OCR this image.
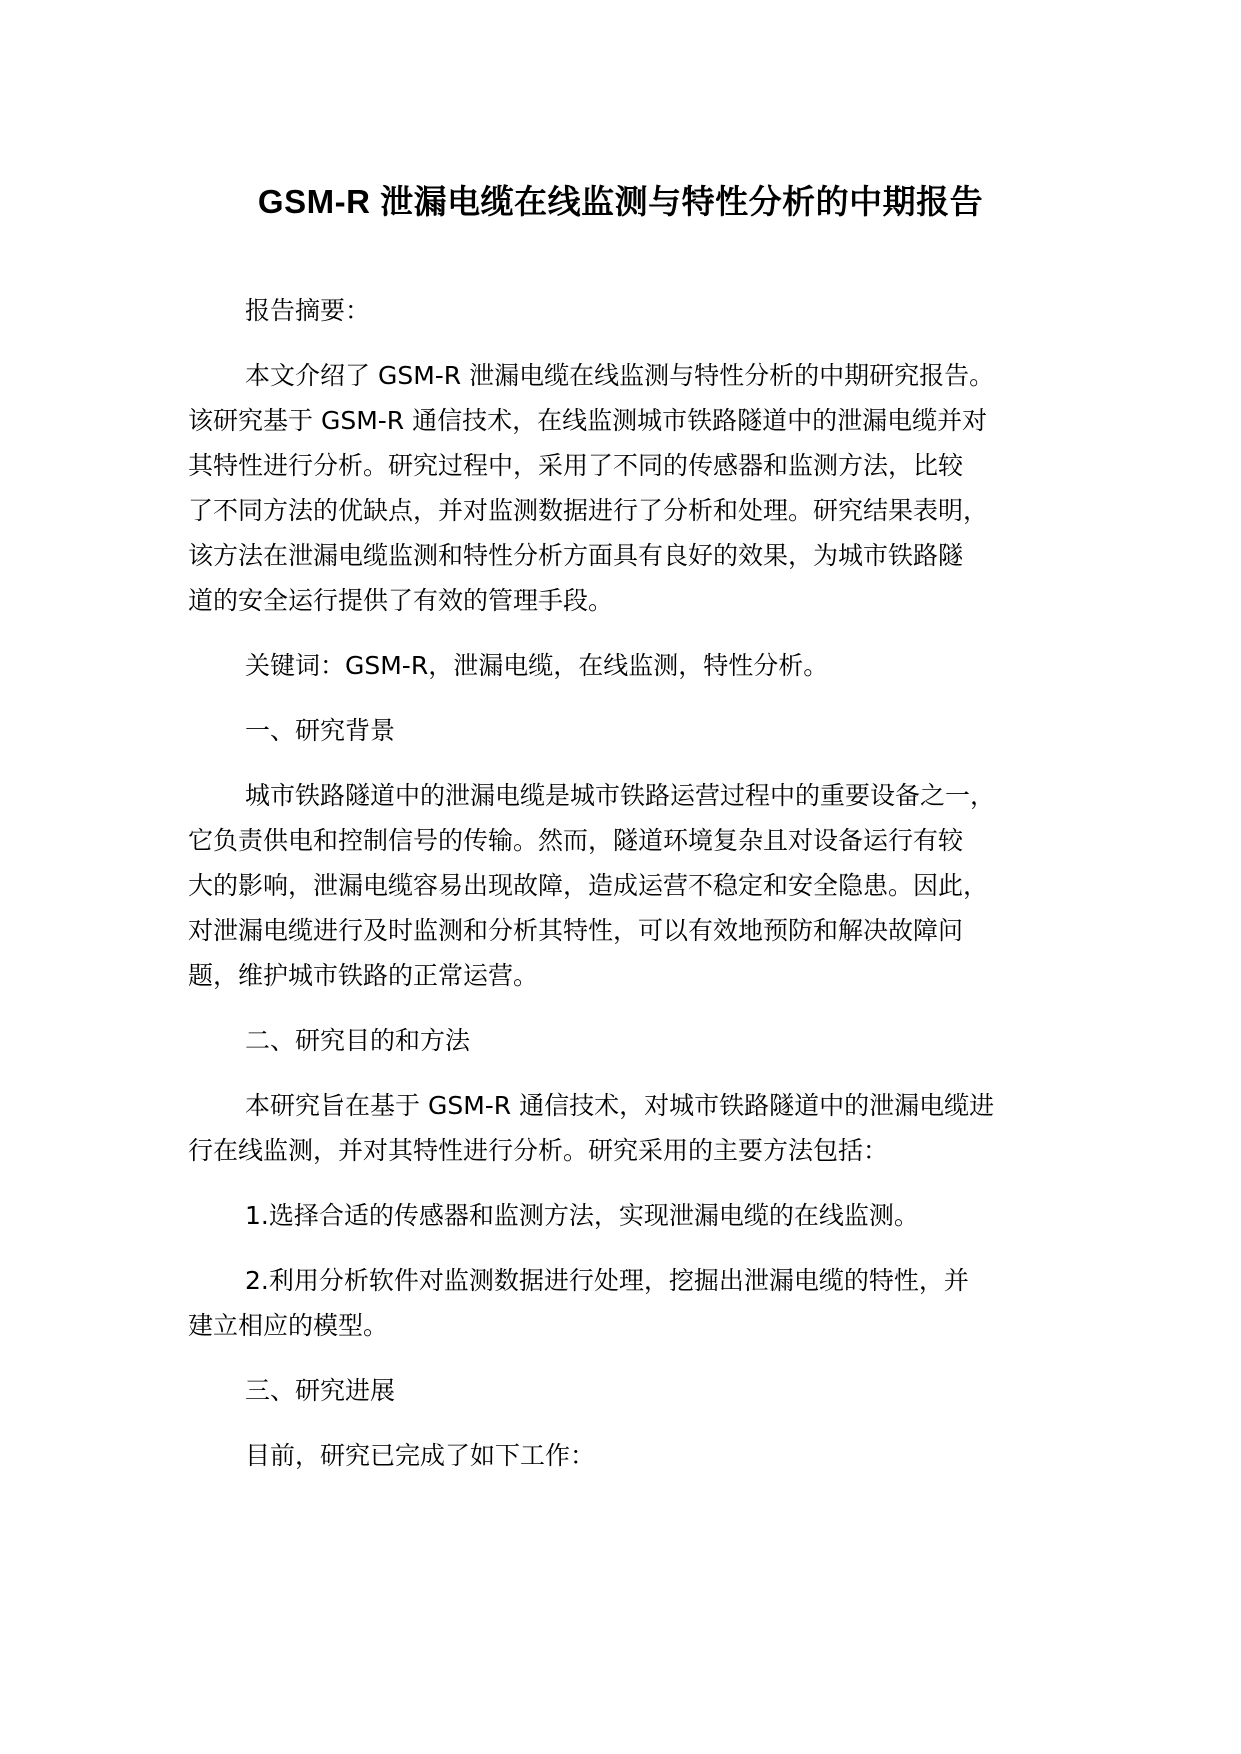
GSM-R 泄漏电缆在线监测与特性分析的中期报告
报告摘要：
本文介绍了 GSM-R 泄漏电缆在线监测与特性分析的中期研究报告。
该研究基于 GSM-R 通信技术，在线监测城市铁路隧道中的泄漏电缆并对
其特性进行分析。研究过程中，采用了不同的传感器和监测方法，比较
了不同方法的优缺点，并对监测数据进行了分析和处理。研究结果表明，
该方法在泄漏电缆监测和特性分析方面具有良好的效果，为城市铁路隧
道的安全运行提供了有效的管理手段。
关键词：GSM-R，泄漏电缆，在线监测，特性分析。
一、研究背景
城市铁路隧道中的泄漏电缆是城市铁路运营过程中的重要设备之一，
它负责供电和控制信号的传输。然而，隧道环境复杂且对设备运行有较
大的影响，泄漏电缆容易出现故障，造成运营不稳定和安全隐患。因此，
对泄漏电缆进行及时监测和分析其特性，可以有效地预防和解决故障问
题，维护城市铁路的正常运营。
二、研究目的和方法
本研究旨在基于 GSM-R 通信技术，对城市铁路隧道中的泄漏电缆进
行在线监测，并对其特性进行分析。研究采用的主要方法包括：
1.选择合适的传感器和监测方法，实现泄漏电缆的在线监测。
2.利用分析软件对监测数据进行处理，挖掘出泄漏电缆的特性，并
建立相应的模型。
三、研究进展
目前，研究已完成了如下工作：
